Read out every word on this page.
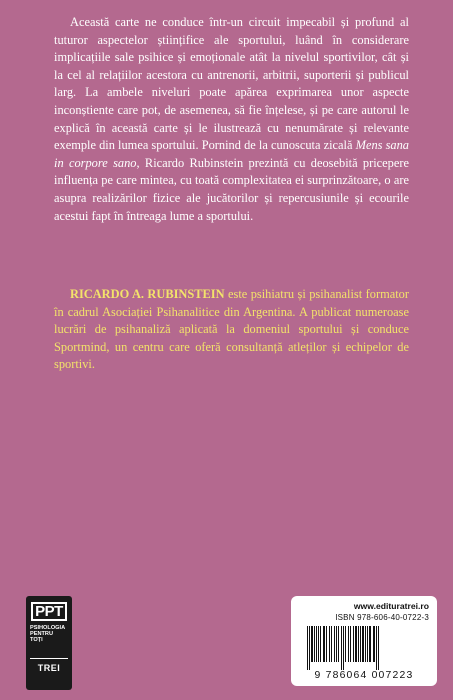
Această carte ne conduce într-un circuit impecabil și profund al tuturor aspectelor științifice ale sportului, luând în considerare implicațiile sale psihice și emoționale atât la nivelul sportivilor, cât și la cel al relațiilor acestora cu antrenorii, arbitrii, suporterii și publicul larg. La ambele niveluri poate apărea exprimarea unor aspecte inconștiente care pot, de asemenea, să fie înțelese, și pe care autorul le explică în această carte și le ilustrează cu nenumărate și relevante exemple din lumea sportului. Pornind de la cunoscuta zicală Mens sana in corpore sano, Ricardo Rubinstein prezintă cu deosebită pricepere influența pe care mintea, cu toată complexitatea ei surprinzătoare, o are asupra realizărilor fizice ale jucătorilor și repercusiunile și ecourile acestui fapt în întreaga lume a sportului.

RICARDO A. RUBINSTEIN este psihiatru și psihanalist formator în cadrul Asociației Psihanalitice din Argentina. A publicat numeroase lucrări de psihanaliză aplicată la domeniul sportului și conduce Sportmind, un centru care oferă consultanță atleților și echipelor de sportivi.

PPT
PSIHOLOGIA
PENTRU
TOȚI
TREI
www.edituratrei.ro
ISBN 978-606-40-0722-3
9 786064 007223
